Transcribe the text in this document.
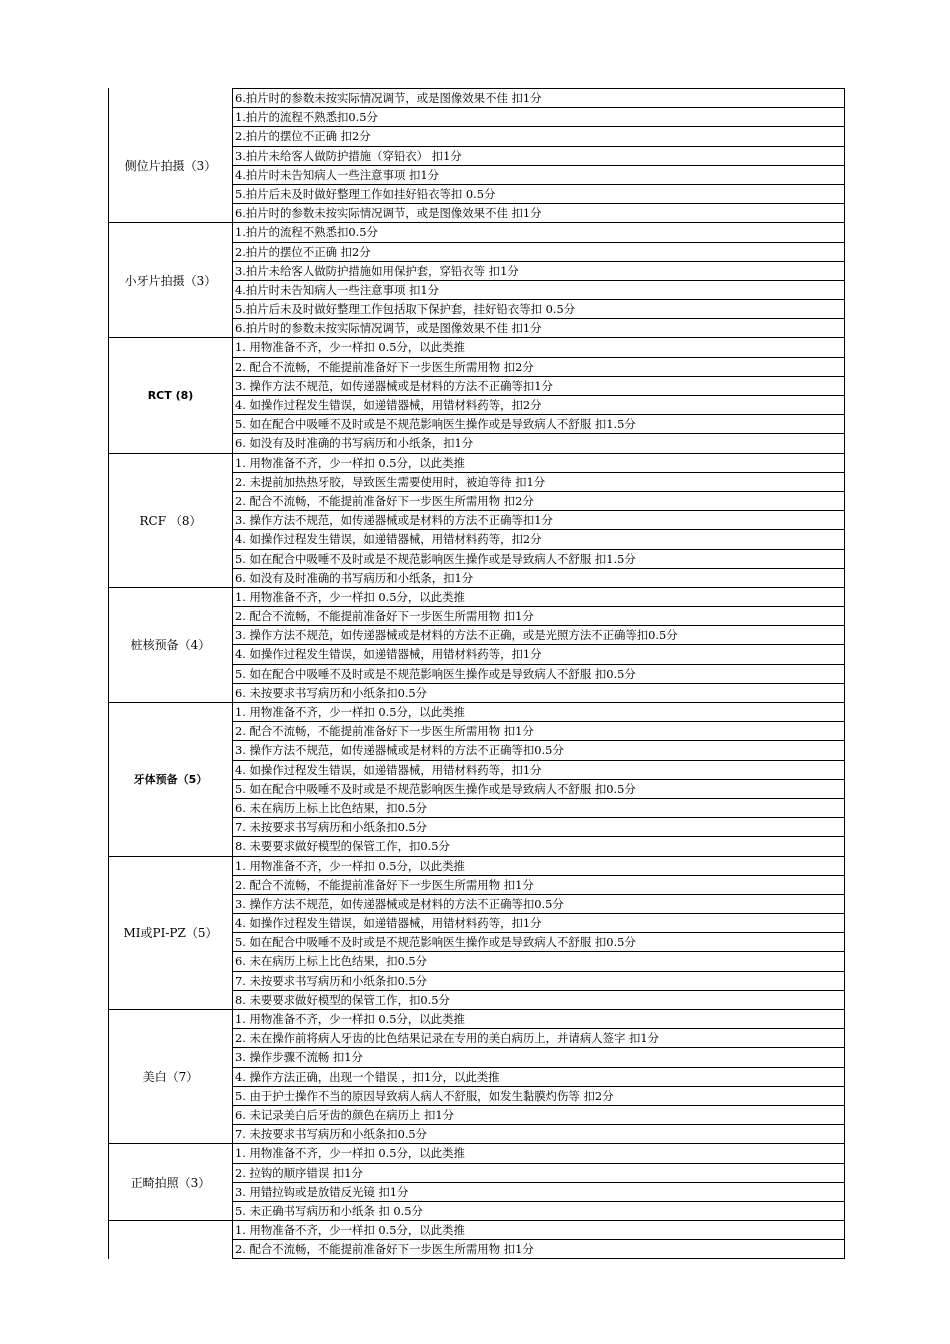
6.拍片时的参数未按实际情况调节，或是图像效果不佳 扣1分
侧位片拍摄（3）
1.拍片的流程不熟悉扣0.5分
2.拍片的摆位不正确 扣2分
3.拍片未给客人做防护措施（穿铅衣） 扣1分
4.拍片时未告知病人一些注意事项 扣1分
5.拍片后未及时做好整理工作如挂好铅衣等扣 0.5分
6.拍片时的参数未按实际情况调节，或是图像效果不佳 扣1分
小牙片拍摄（3）
1.拍片的流程不熟悉扣0.5分
2.拍片的摆位不正确 扣2分
3.拍片未给客人做防护措施如用保护套，穿铅衣等 扣1分
4.拍片时未告知病人一些注意事项 扣1分
5.拍片后未及时做好整理工作包括取下保护套，挂好铅衣等扣 0.5分
6.拍片时的参数未按实际情况调节，或是图像效果不佳 扣1分
RCT (8)
1. 用物准备不齐，少一样扣 0.5分，以此类推
2. 配合不流畅，不能提前准备好下一步医生所需用物 扣2分
3. 操作方法不规范，如传递器械或是材料的方法不正确等扣1分
4. 如操作过程发生错误，如递错器械，用错材料药等，扣2分
5. 如在配合中吸唾不及时或是不规范影响医生操作或是导致病人不舒服 扣1.5分
6. 如没有及时准确的书写病历和小纸条，扣1分
RCF （8）
1. 用物准备不齐，少一样扣 0.5分，以此类推
2. 未提前加热热牙胶，导致医生需要使用时，被迫等待 扣1分
2. 配合不流畅，不能提前准备好下一步医生所需用物 扣2分
3. 操作方法不规范，如传递器械或是材料的方法不正确等扣1分
4. 如操作过程发生错误，如递错器械，用错材料药等，扣2分
5. 如在配合中吸唾不及时或是不规范影响医生操作或是导致病人不舒服 扣1.5分
6. 如没有及时准确的书写病历和小纸条，扣1分
桩核预备（4）
1. 用物准备不齐，少一样扣 0.5分，以此类推
2. 配合不流畅，不能提前准备好下一步医生所需用物 扣1分
3. 操作方法不规范，如传递器械或是材料的方法不正确，或是光照方法不正确等扣0.5分
4. 如操作过程发生错误，如递错器械，用错材料药等，扣1分
5. 如在配合中吸唾不及时或是不规范影响医生操作或是导致病人不舒服 扣0.5分
6. 未按要求书写病历和小纸条扣0.5分
牙体预备（5）
1. 用物准备不齐，少一样扣 0.5分，以此类推
2. 配合不流畅，不能提前准备好下一步医生所需用物 扣1分
3. 操作方法不规范，如传递器械或是材料的方法不正确等扣0.5分
4. 如操作过程发生错误，如递错器械，用错材料药等，扣1分
5. 如在配合中吸唾不及时或是不规范影响医生操作或是导致病人不舒服 扣0.5分
6. 未在病历上标上比色结果，扣0.5分
7. 未按要求书写病历和小纸条扣0.5分
8. 未要要求做好模型的保管工作，扣0.5分
MI或PI-PZ（5）
1. 用物准备不齐，少一样扣 0.5分，以此类推
2. 配合不流畅，不能提前准备好下一步医生所需用物 扣1分
3. 操作方法不规范，如传递器械或是材料的方法不正确等扣0.5分
4. 如操作过程发生错误，如递错器械，用错材料药等，扣1分
5. 如在配合中吸唾不及时或是不规范影响医生操作或是导致病人不舒服 扣0.5分
6. 未在病历上标上比色结果，扣0.5分
7. 未按要求书写病历和小纸条扣0.5分
8. 未要要求做好模型的保管工作，扣0.5分
美白（7）
1. 用物准备不齐，少一样扣 0.5分，以此类推
2. 未在操作前将病人牙齿的比色结果记录在专用的美白病历上，并请病人签字 扣1分
3. 操作步骤不流畅 扣1分
4. 操作方法正确，出现一个错误 ，扣1分，以此类推
5. 由于护士操作不当的原因导致病人病人不舒服，如发生黏膜灼伤等 扣2分
6. 未记录美白后牙齿的颜色在病历上 扣1分
7. 未按要求书写病历和小纸条扣0.5分
正畸拍照（3）
1. 用物准备不齐，少一样扣 0.5分，以此类推
2. 拉钩的顺序错误 扣1分
3. 用错拉钩或是放错反光镜 扣1分
5. 未正确书写病历和小纸条 扣 0.5分
1. 用物准备不齐，少一样扣 0.5分，以此类推
2. 配合不流畅，不能提前准备好下一步医生所需用物 扣1分
